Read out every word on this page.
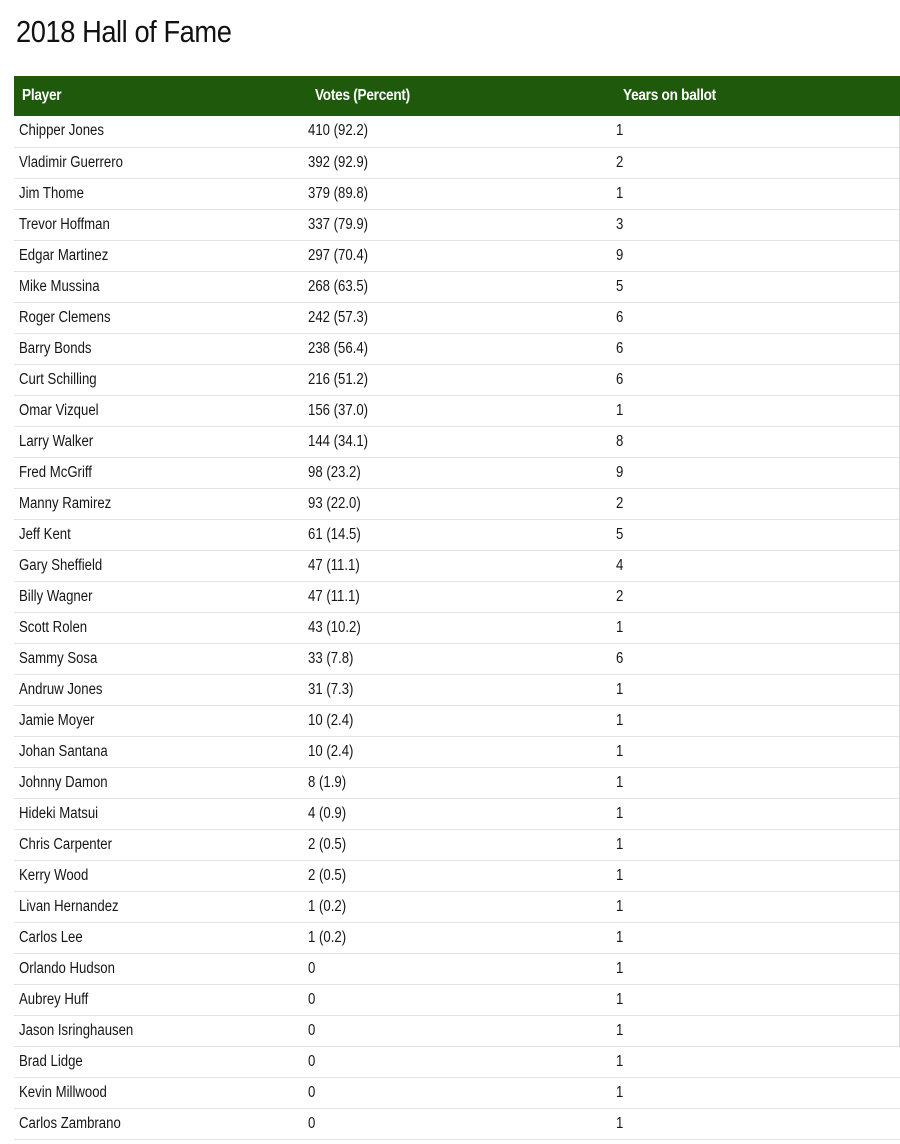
2018 Hall of Fame
Player	Votes (Percent)	Years on ballot
Chipper Jones	410 (92.2)	1
Vladimir Guerrero	392 (92.9)	2
Jim Thome	379 (89.8)	1
Trevor Hoffman	337 (79.9)	3
Edgar Martinez	297 (70.4)	9
Mike Mussina	268 (63.5)	5
Roger Clemens	242 (57.3)	6
Barry Bonds	238 (56.4)	6
Curt Schilling	216 (51.2)	6
Omar Vizquel	156 (37.0)	1
Larry Walker	144 (34.1)	8
Fred McGriff	98 (23.2)	9
Manny Ramirez	93 (22.0)	2
Jeff Kent	61 (14.5)	5
Gary Sheffield	47 (11.1)	4
Billy Wagner	47 (11.1)	2
Scott Rolen	43 (10.2)	1
Sammy Sosa	33 (7.8)	6
Andruw Jones	31 (7.3)	1
Jamie Moyer	10 (2.4)	1
Johan Santana	10 (2.4)	1
Johnny Damon	8 (1.9)	1
Hideki Matsui	4 (0.9)	1
Chris Carpenter	2 (0.5)	1
Kerry Wood	2 (0.5)	1
Livan Hernandez	1 (0.2)	1
Carlos Lee	1 (0.2)	1
Orlando Hudson	0	1
Aubrey Huff	0	1
Jason Isringhausen	0	1
Brad Lidge	0	1
Kevin Millwood	0	1
Carlos Zambrano	0	1
